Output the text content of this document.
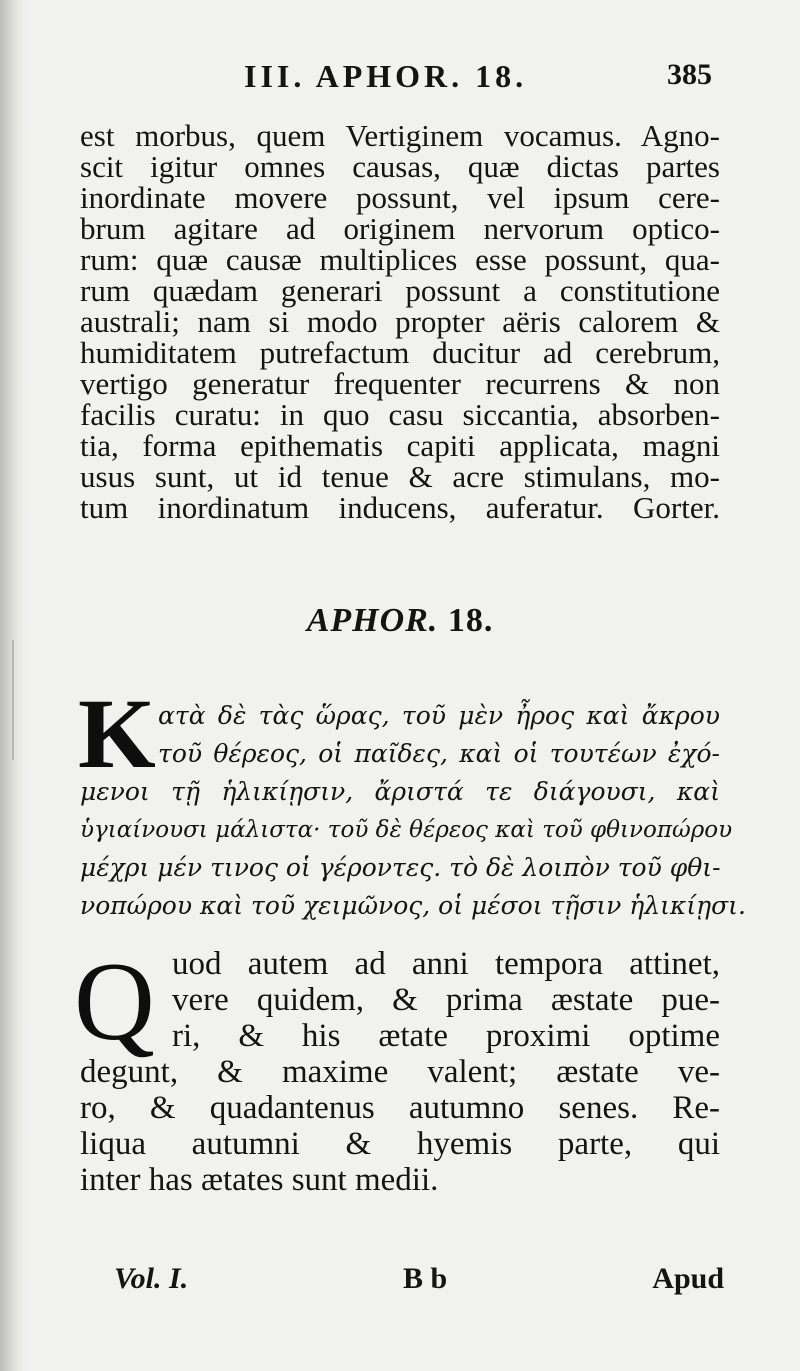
III. APHOR. 18.	385
est morbus, quem Vertiginem vocamus. Agno-
scit igitur omnes causas, quæ dictas partes
inordinate movere possunt, vel ipsum cere-
brum agitare ad originem nervorum optico-
rum: quæ causæ multiplices esse possunt, qua-
rum quædam generari possunt a constitutione
australi; nam si modo propter aëris calorem &
humiditatem putrefactum ducitur ad cerebrum,
vertigo generatur frequenter recurrens & non
facilis curatu: in quo casu siccantia, absorben-
tia, forma epithematis capiti applicata, magni
usus sunt, ut id tenue & acre stimulans, mo-
tum inordinatum inducens, auferatur. Gorter.
APHOR. 18.
K ατὰ δὲ τὰς ὥρας, τοῦ μὲν ἦρος καὶ ἄκρου
τοῦ θέρεος, οἱ παῖδες, καὶ οἱ τουτέων ἐχό-
μενοι τῇ ἡλικίῃσιν, ἄριστά τε διάγουσι, καὶ
ὑγιαίνουσι μάλιστα· τοῦ δὲ θέρεος καὶ τοῦ φθινοπώρου
μέχρι μέν τινος οἱ γέροντες. τὸ δὲ λοιπὸν τοῦ φθι-
νοπώρου καὶ τοῦ χειμῶνος, οἱ μέσοι τῇσιν ἡλικίῃσι.
Q uod autem ad anni tempora attinet,
vere quidem, & prima æstate pue-
ri, & his ætate proximi optime
degunt, & maxime valent; æstate ve-
ro, & quadantenus autumno senes. Re-
liqua autumni & hyemis parte, qui
inter has ætates sunt medii.
Vol. I.	B b	Apud
